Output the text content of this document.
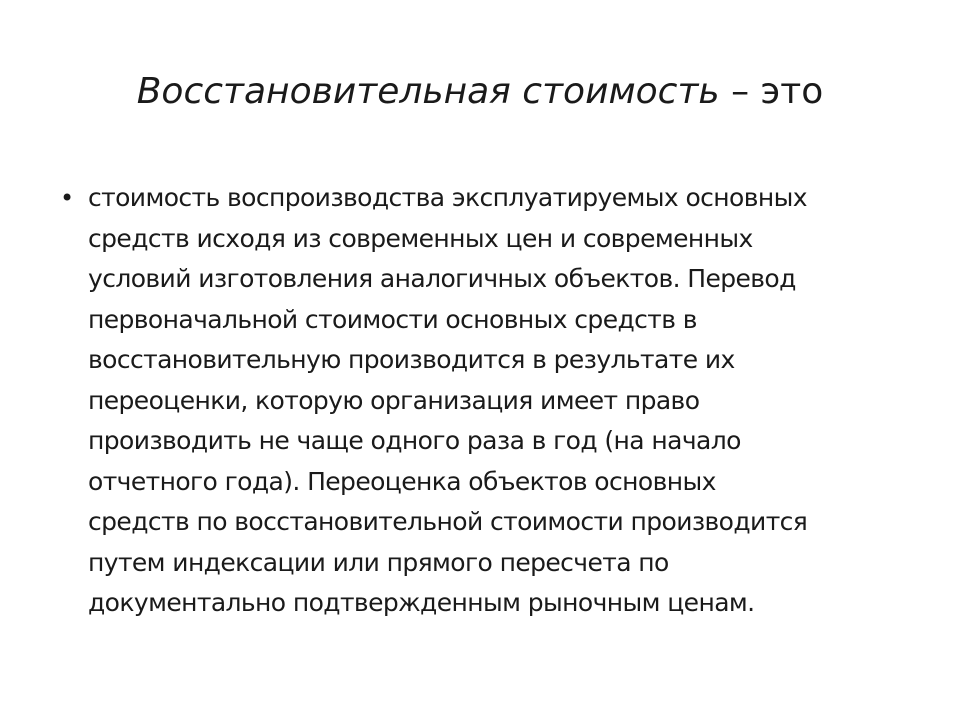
Восстановительная стоимость – это
• стоимость воспроизводства эксплуатируемых основных
средств исходя из современных цен и современных
условий изготовления аналогичных объектов. Перевод
первоначальной стоимости основных средств в
восстановительную производится в результате их
переоценки, которую организация имеет право
производить не чаще одного раза в год (на начало
отчетного года). Переоценка объектов основных
средств по восстановительной стоимости производится
путем индексации или прямого пересчета по
документально подтвержденным рыночным ценам.
